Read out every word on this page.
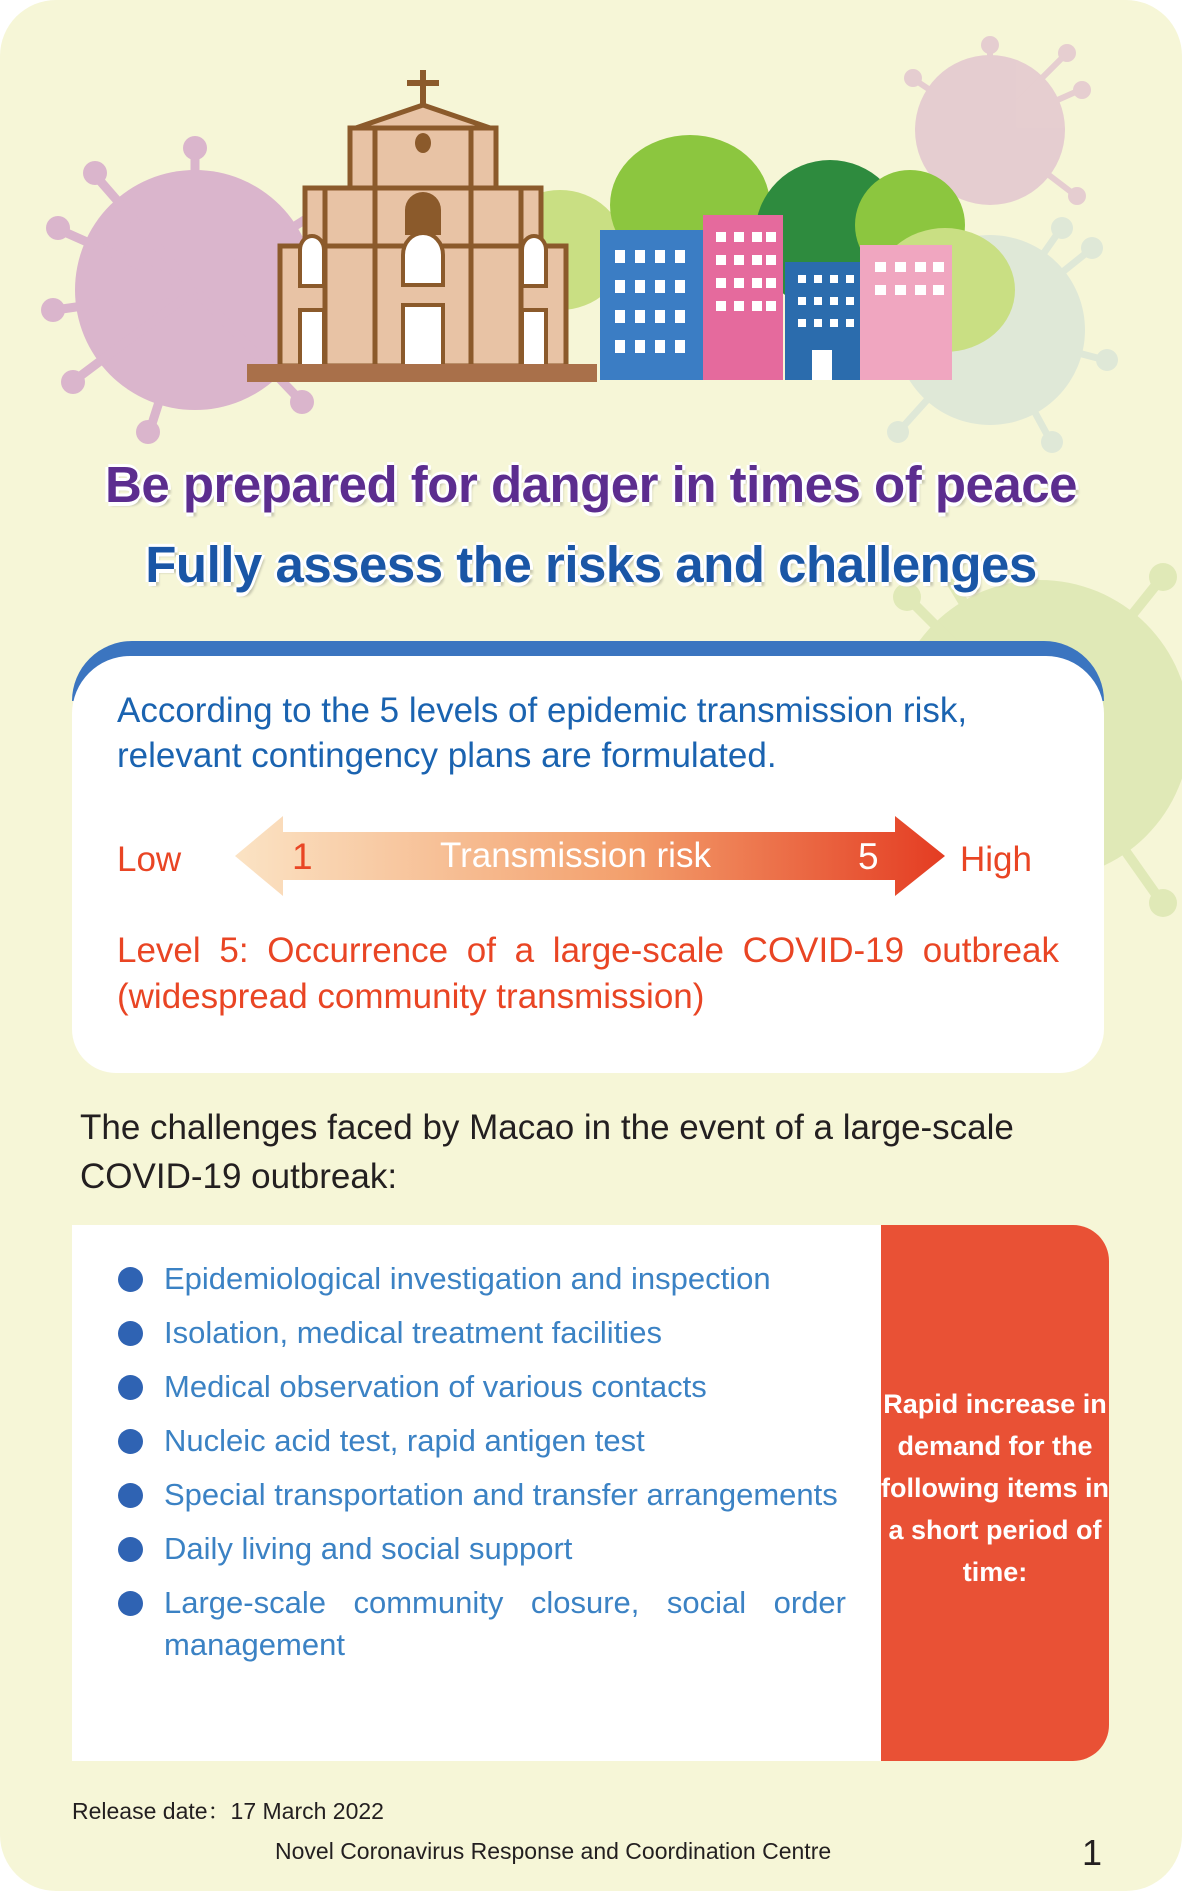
Be prepared for danger in times of peace
Fully assess the risks and challenges
According to the 5 levels of epidemic transmission risk, relevant contingency plans are formulated.
Low	1	Transmission risk	5 High
Level 5: Occurrence of a large-scale COVID-19 outbreak (widespread community transmission)
The challenges faced by Macao in the event of a large-scale COVID-19 outbreak:
Rapid increase in demand for the following items in a short period of time:
Epidemiological investigation and inspection
Isolation, medical treatment facilities
Medical observation of various contacts
Nucleic acid test, rapid antigen test
Special transportation and transfer arrangements
Daily living and social support
Large-scale community closure, social order management
Release date：17 March 2022
Novel Coronavirus Response and Coordination Centre	1
